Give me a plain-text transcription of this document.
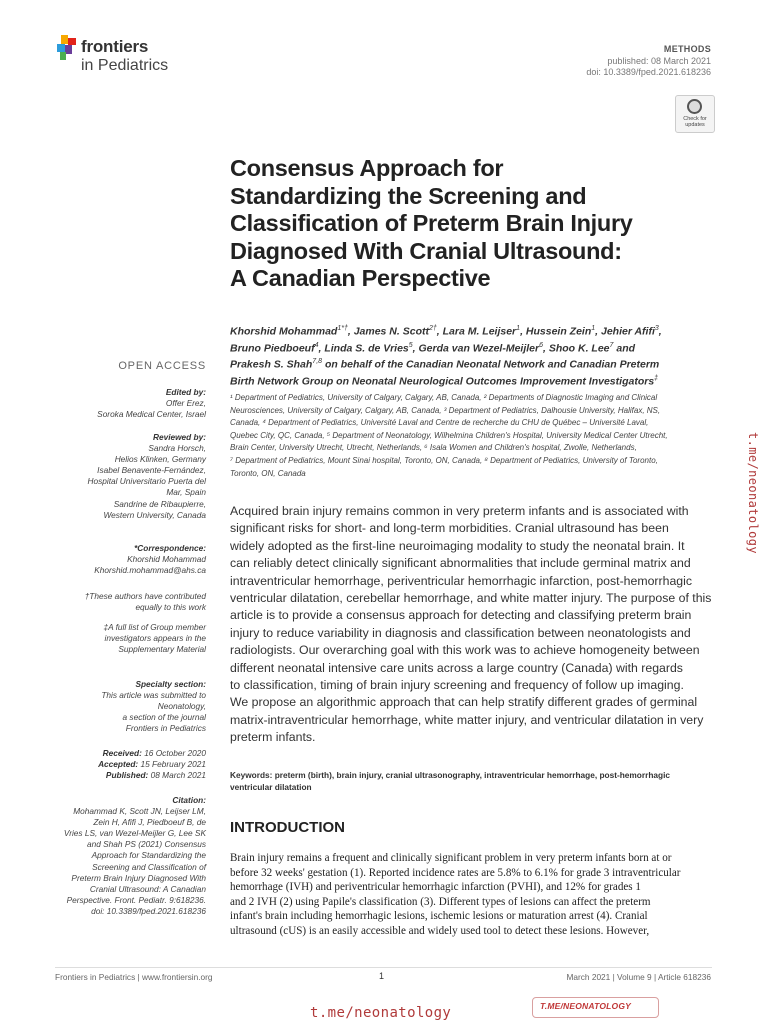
frontiers
in Pediatrics
METHODS
published: 08 March 2021
doi: 10.3389/fped.2021.618236
Check for
updates
Consensus Approach for
Standardizing the Screening and
Classification of Preterm Brain Injury
Diagnosed With Cranial Ultrasound:
A Canadian Perspective
Khorshid Mohammad$^{1*\dagger}$, James N. Scott$^{2\dagger}$, Lara M. Leijser$^1$, Hussein Zein$^1$, Jehier Afifi$^3$,
Bruno Piedboeuf$^4$, Linda S. de Vries$^5$, Gerda van Wezel-Meijler$^6$, Shoo K. Lee$^7$ and
Prakesh S. Shah$^{7,8}$ on behalf of the Canadian Neonatal Network and Canadian Preterm
Birth Network Group on Neonatal Neurological Outcomes Improvement Investigators‡
¹ Department of Pediatrics, University of Calgary, Calgary, AB, Canada, ² Departments of Diagnostic Imaging and Clinical
Neurosciences, University of Calgary, Calgary, AB, Canada, ³ Department of Pediatrics, Dalhousie University, Halifax, NS,
Canada, ⁴ Department of Pediatrics, Université Laval and Centre de recherche du CHU de Québec – Université Laval,
Quebec City, QC, Canada, ⁵ Department of Neonatology, Wilhelmina Children's Hospital, University Medical Center Utrecht,
Brain Center, University Utrecht, Utrecht, Netherlands, ⁶ Isala Women and Children's hospital, Zwolle, Netherlands,
⁷ Department of Pediatrics, Mount Sinai hospital, Toronto, ON, Canada, ⁸ Department of Pediatrics, University of Toronto,
Toronto, ON, Canada
OPEN ACCESS
Edited by:
Offer Erez,
Soroka Medical Center, Israel
Reviewed by:
Sandra Horsch,
Helios Klinken, Germany
Isabel Benavente-Fernández,
Hospital Universitario Puerta del
Mar, Spain
Sandrine de Ribaupierre,
Western University, Canada
*Correspondence:
Khorshid Mohammad
Khorshid.mohammad@ahs.ca
†These authors have contributed
equally to this work
‡A full list of Group member
investigators appears in the
Supplementary Material
Specialty section:
This article was submitted to
Neonatology,
a section of the journal
Frontiers in Pediatrics
Received: 16 October 2020
Accepted: 15 February 2021
Published: 08 March 2021
Citation:
Mohammad K, Scott JN, Leijser LM,
Zein H, Afifi J, Piedboeuf B, de
Vries LS, van Wezel-Meijler G, Lee SK
and Shah PS (2021) Consensus
Approach for Standardizing the
Screening and Classification of
Preterm Brain Injury Diagnosed With
Cranial Ultrasound: A Canadian
Perspective. Front. Pediatr. 9:618236.
doi: 10.3389/fped.2021.618236
Acquired brain injury remains common in very preterm infants and is associated with
significant risks for short- and long-term morbidities. Cranial ultrasound has been
widely adopted as the first-line neuroimaging modality to study the neonatal brain. It
can reliably detect clinically significant abnormalities that include germinal matrix and
intraventricular hemorrhage, periventricular hemorrhagic infarction, post-hemorrhagic
ventricular dilatation, cerebellar hemorrhage, and white matter injury. The purpose of this
article is to provide a consensus approach for detecting and classifying preterm brain
injury to reduce variability in diagnosis and classification between neonatologists and
radiologists. Our overarching goal with this work was to achieve homogeneity between
different neonatal intensive care units across a large country (Canada) with regards
to classification, timing of brain injury screening and frequency of follow up imaging.
We propose an algorithmic approach that can help stratify different grades of germinal
matrix-intraventricular hemorrhage, white matter injury, and ventricular dilatation in very
preterm infants.
Keywords: preterm (birth), brain injury, cranial ultrasonography, intraventricular hemorrhage, post-hemorrhagic
ventricular dilatation
INTRODUCTION
Brain injury remains a frequent and clinically significant problem in very preterm infants born at or
before 32 weeks' gestation (1). Reported incidence rates are 5.8% to 6.1% for grade 3 intraventricular
hemorrhage (IVH) and periventricular hemorrhagic infarction (PVHI), and 12% for grades 1
and 2 IVH (2) using Papile's classification (3). Different types of lesions can affect the preterm
infant's brain including hemorrhagic lesions, ischemic lesions or maturation arrest (4). Cranial
ultrasound (cUS) is an easily accessible and widely used tool to detect these lesions. However,
t.me/neonatology
Frontiers in Pediatrics | www.frontiersin.org	1	March 2021 | Volume 9 | Article 618236
t.me/neonatology	T.ME/NEONATOLOGY
